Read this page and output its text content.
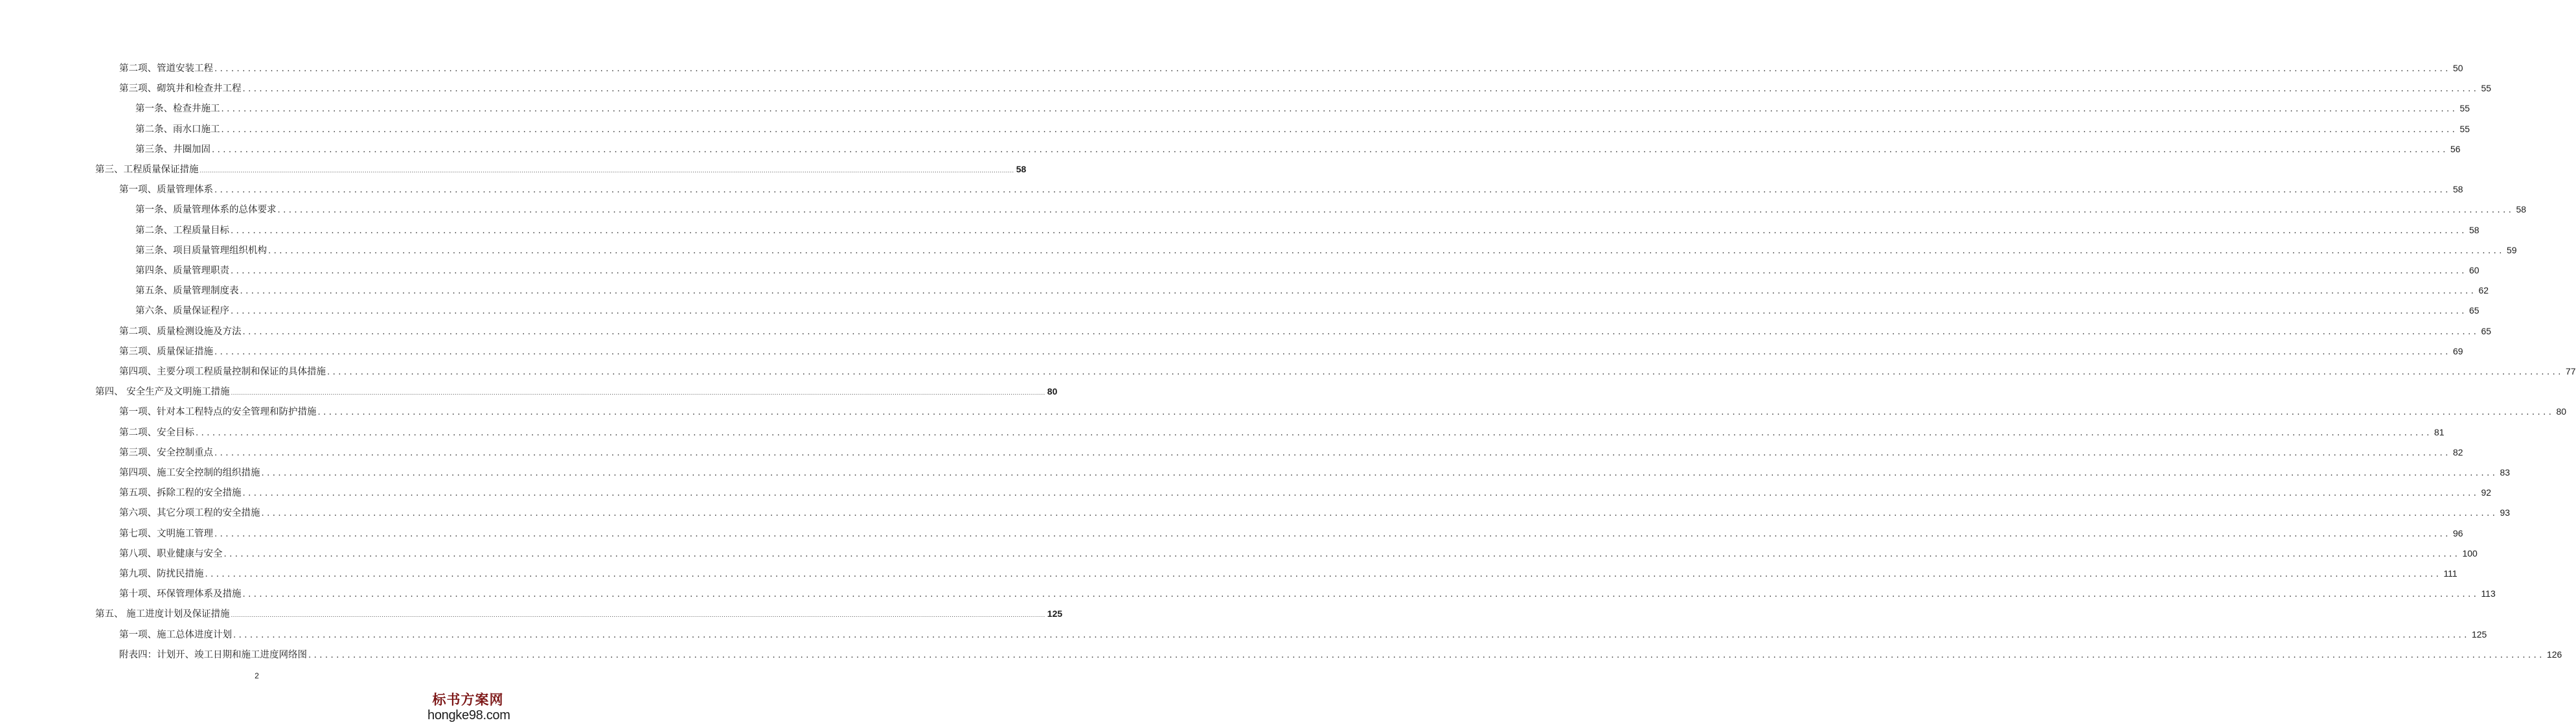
第二项、管道安装工程 ................................................................................................................................................................................................................................................................................................................................................................................................................ 50
第三项、砌筑井和检查井工程 ................................................................................................................................................................................................................................................................................................................................................................................................................ 55
第一条、检查井施工 ................................................................................................................................................................................................................................................................................................................................................................................................................ 55
第二条、雨水口施工 ................................................................................................................................................................................................................................................................................................................................................................................................................ 55
第三条、井圈加固 ................................................................................................................................................................................................................................................................................................................................................................................................................ 56
第三、工程质量保证措施 ................................................................................................................................................................................................................................................................................................................................................................................................................ 58
第一项、质量管理体系 ................................................................................................................................................................................................................................................................................................................................................................................................................ 58
第一条、质量管理体系的总体要求 ................................................................................................................................................................................................................................................................................................................................................................................................................ 58
第二条、工程质量目标 ................................................................................................................................................................................................................................................................................................................................................................................................................ 58
第三条、项目质量管理组织机构 ................................................................................................................................................................................................................................................................................................................................................................................................................ 59
第四条、质量管理职责 ................................................................................................................................................................................................................................................................................................................................................................................................................ 60
第五条、质量管理制度表 ................................................................................................................................................................................................................................................................................................................................................................................................................ 62
第六条、质量保证程序 ................................................................................................................................................................................................................................................................................................................................................................................................................ 65
第二项、质量检测设施及方法 ................................................................................................................................................................................................................................................................................................................................................................................................................ 65
第三项、质量保证措施 ................................................................................................................................................................................................................................................................................................................................................................................................................ 69
第四项、主要分项工程质量控制和保证的具体措施 ................................................................................................................................................................................................................................................................................................................................................................................................................ 77
第四、 安全生产及文明施工措施 ................................................................................................................................................................................................................................................................................................................................................................................................................ 80
第一项、针对本工程特点的安全管理和防护措施 ................................................................................................................................................................................................................................................................................................................................................................................................................ 80
第二项、安全目标 ................................................................................................................................................................................................................................................................................................................................................................................................................ 81
第三项、安全控制重点 ................................................................................................................................................................................................................................................................................................................................................................................................................ 82
第四项、施工安全控制的组织措施 ................................................................................................................................................................................................................................................................................................................................................................................................................ 83
第五项、拆除工程的安全措施 ................................................................................................................................................................................................................................................................................................................................................................................................................ 92
第六项、其它分项工程的安全措施 ................................................................................................................................................................................................................................................................................................................................................................................................................ 93
第七项、文明施工管理 ................................................................................................................................................................................................................................................................................................................................................................................................................ 96
第八项、职业健康与安全 ................................................................................................................................................................................................................................................................................................................................................................................................................ 100
第九项、防扰民措施 ................................................................................................................................................................................................................................................................................................................................................................................................................ 111
第十项、环保管理体系及措施 ................................................................................................................................................................................................................................................................................................................................................................................................................ 113
第五、 施工进度计划及保证措施 ................................................................................................................................................................................................................................................................................................................................................................................................................ 125
第一项、施工总体进度计划 ................................................................................................................................................................................................................................................................................................................................................................................................................ 125
附表四：计划开、竣工日期和施工进度网络图 ................................................................................................................................................................................................................................................................................................................................................................................................................ 126
2
标书方案网
hongke98.com
